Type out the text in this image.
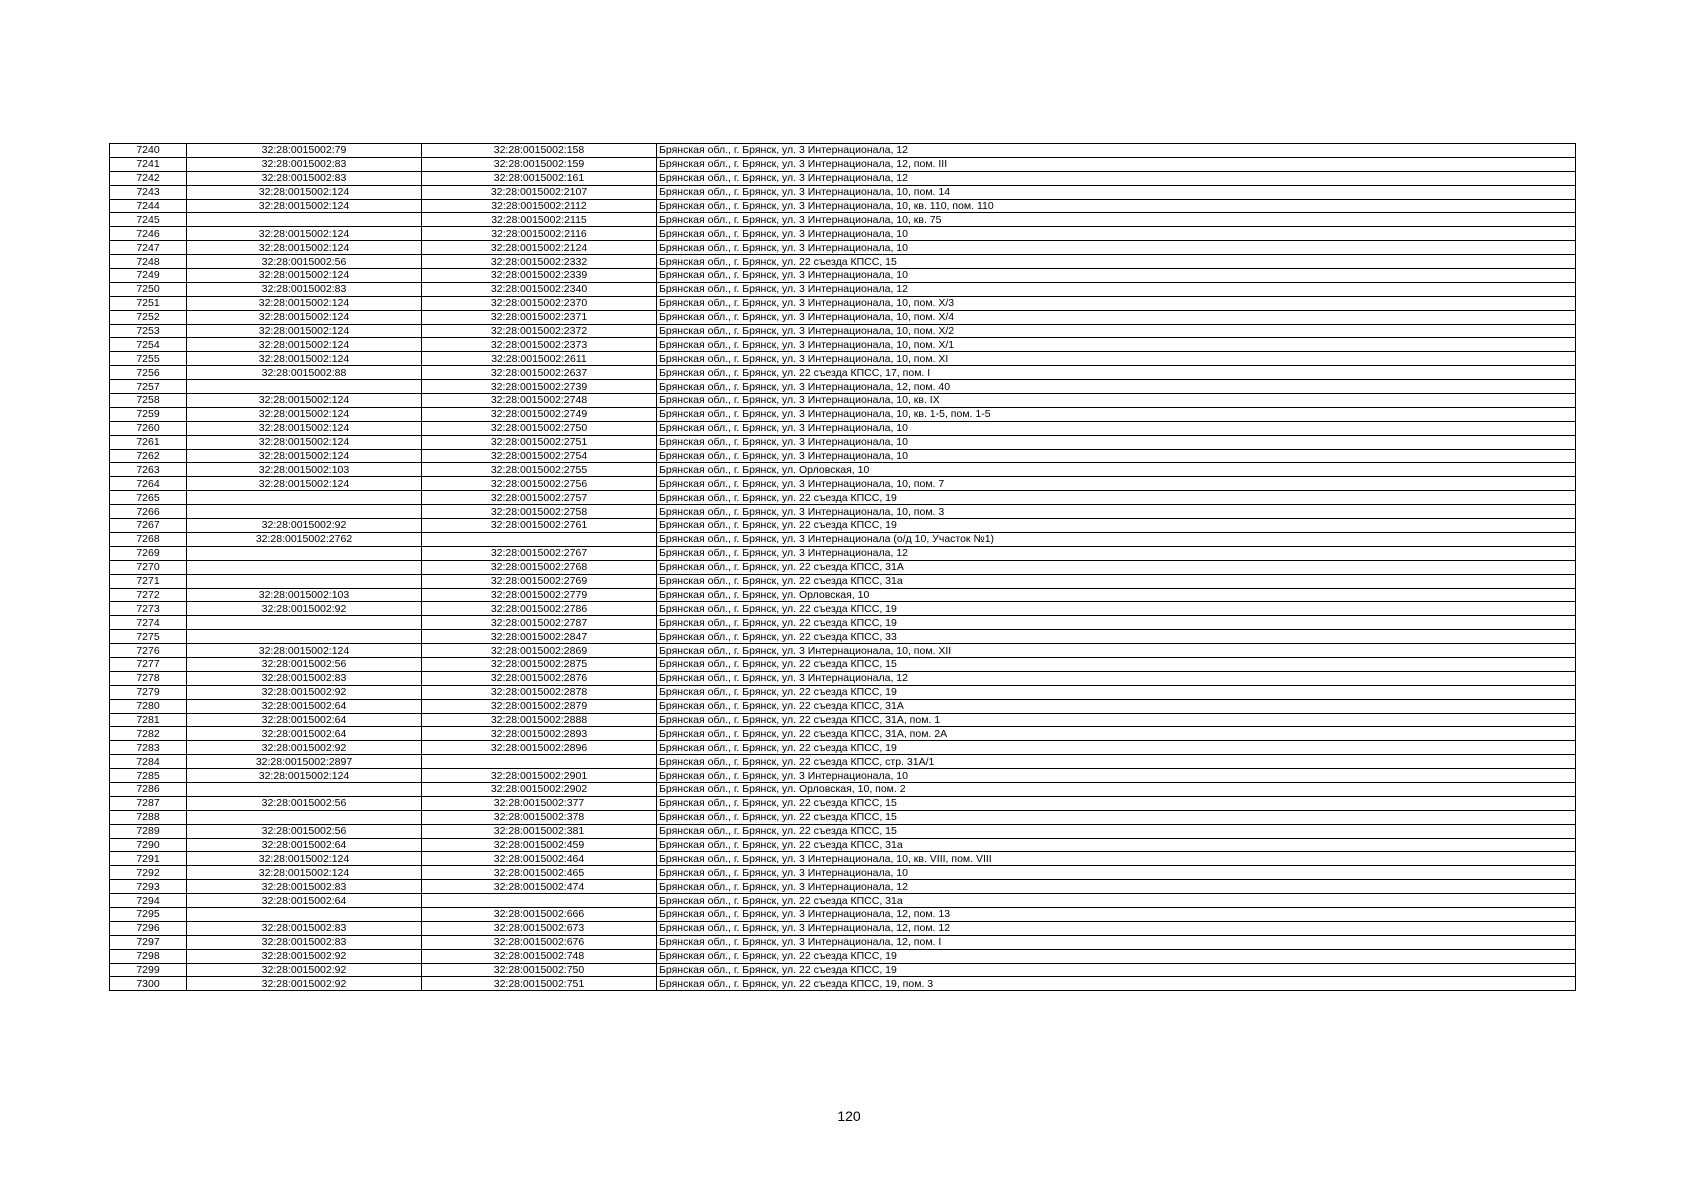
7240	32:28:0015002:79	32:28:0015002:158	Брянская обл., г. Брянск, ул. 3 Интернационала, 12
7241	32:28:0015002:83	32:28:0015002:159	Брянская обл., г. Брянск, ул. 3 Интернационала, 12, пом. III
7242	32:28:0015002:83	32:28:0015002:161	Брянская обл., г. Брянск, ул. 3 Интернационала, 12
7243	32:28:0015002:124	32:28:0015002:2107	Брянская обл., г. Брянск, ул. 3 Интернационала, 10, пом. 14
7244	32:28:0015002:124	32:28:0015002:2112	Брянская обл., г. Брянск, ул. 3 Интернационала, 10, кв. 110, пом. 110
7245		32:28:0015002:2115	Брянская обл., г. Брянск, ул. 3 Интернационала, 10, кв. 75
7246	32:28:0015002:124	32:28:0015002:2116	Брянская обл., г. Брянск, ул. 3 Интернационала, 10
7247	32:28:0015002:124	32:28:0015002:2124	Брянская обл., г. Брянск, ул. 3 Интернационала, 10
7248	32:28:0015002:56	32:28:0015002:2332	Брянская обл., г. Брянск, ул. 22 съезда КПСС, 15
7249	32:28:0015002:124	32:28:0015002:2339	Брянская обл., г. Брянск, ул. 3 Интернационала, 10
7250	32:28:0015002:83	32:28:0015002:2340	Брянская обл., г. Брянск, ул. 3 Интернационала, 12
7251	32:28:0015002:124	32:28:0015002:2370	Брянская обл., г. Брянск, ул. 3 Интернационала, 10, пом. X/3
7252	32:28:0015002:124	32:28:0015002:2371	Брянская обл., г. Брянск, ул. 3 Интернационала, 10, пом. X/4
7253	32:28:0015002:124	32:28:0015002:2372	Брянская обл., г. Брянск, ул. 3 Интернационала, 10, пом. X/2
7254	32:28:0015002:124	32:28:0015002:2373	Брянская обл., г. Брянск, ул. 3 Интернационала, 10, пом. X/1
7255	32:28:0015002:124	32:28:0015002:2611	Брянская обл., г. Брянск, ул. 3 Интернационала, 10, пом. XI
7256	32:28:0015002:88	32:28:0015002:2637	Брянская обл., г. Брянск, ул. 22 съезда КПСС, 17, пом. I
7257		32:28:0015002:2739	Брянская обл., г. Брянск, ул. 3 Интернационала, 12, пом. 40
7258	32:28:0015002:124	32:28:0015002:2748	Брянская обл., г. Брянск, ул. 3 Интернационала, 10, кв. IX
7259	32:28:0015002:124	32:28:0015002:2749	Брянская обл., г. Брянск, ул. 3 Интернационала, 10, кв. 1-5, пом. 1-5
7260	32:28:0015002:124	32:28:0015002:2750	Брянская обл., г. Брянск, ул. 3 Интернационала, 10
7261	32:28:0015002:124	32:28:0015002:2751	Брянская обл., г. Брянск, ул. 3 Интернационала, 10
7262	32:28:0015002:124	32:28:0015002:2754	Брянская обл., г. Брянск, ул. 3 Интернационала, 10
7263	32:28:0015002:103	32:28:0015002:2755	Брянская обл., г. Брянск, ул. Орловская, 10
7264	32:28:0015002:124	32:28:0015002:2756	Брянская обл., г. Брянск, ул. 3 Интернационала, 10, пом. 7
7265		32:28:0015002:2757	Брянская обл., г. Брянск, ул. 22 съезда КПСС, 19
7266		32:28:0015002:2758	Брянская обл., г. Брянск, ул. 3 Интернационала, 10, пом. 3
7267	32:28:0015002:92	32:28:0015002:2761	Брянская обл., г. Брянск, ул. 22 съезда КПСС, 19
7268	32:28:0015002:2762		Брянская обл., г. Брянск, ул. 3 Интернационала (о/д 10, Участок №1)
7269		32:28:0015002:2767	Брянская обл., г. Брянск, ул. 3 Интернационала, 12
7270		32:28:0015002:2768	Брянская обл., г. Брянск, ул. 22 съезда КПСС, 31А
7271		32:28:0015002:2769	Брянская обл., г. Брянск, ул. 22 съезда КПСС, 31а
7272	32:28:0015002:103	32:28:0015002:2779	Брянская обл., г. Брянск, ул. Орловская, 10
7273	32:28:0015002:92	32:28:0015002:2786	Брянская обл., г. Брянск, ул. 22 съезда КПСС, 19
7274		32:28:0015002:2787	Брянская обл., г. Брянск, ул. 22 съезда КПСС, 19
7275		32:28:0015002:2847	Брянская обл., г. Брянск, ул. 22 съезда КПСС, 33
7276	32:28:0015002:124	32:28:0015002:2869	Брянская обл., г. Брянск, ул. 3 Интернационала, 10, пом. XII
7277	32:28:0015002:56	32:28:0015002:2875	Брянская обл., г. Брянск, ул. 22 съезда КПСС, 15
7278	32:28:0015002:83	32:28:0015002:2876	Брянская обл., г. Брянск, ул. 3 Интернационала, 12
7279	32:28:0015002:92	32:28:0015002:2878	Брянская обл., г. Брянск, ул. 22 съезда КПСС, 19
7280	32:28:0015002:64	32:28:0015002:2879	Брянская обл., г. Брянск, ул. 22 съезда КПСС, 31А
7281	32:28:0015002:64	32:28:0015002:2888	Брянская обл., г. Брянск, ул. 22 съезда КПСС, 31А, пом. 1
7282	32:28:0015002:64	32:28:0015002:2893	Брянская обл., г. Брянск, ул. 22 съезда КПСС, 31А, пом. 2А
7283	32:28:0015002:92	32:28:0015002:2896	Брянская обл., г. Брянск, ул. 22 съезда КПСС, 19
7284	32:28:0015002:2897		Брянская обл., г. Брянск, ул. 22 съезда КПСС, стр. 31А/1
7285	32:28:0015002:124	32:28:0015002:2901	Брянская обл., г. Брянск, ул. 3 Интернационала, 10
7286		32:28:0015002:2902	Брянская обл., г. Брянск, ул. Орловская, 10, пом. 2
7287	32:28:0015002:56	32:28:0015002:377	Брянская обл., г. Брянск, ул. 22 съезда КПСС, 15
7288		32:28:0015002:378	Брянская обл., г. Брянск, ул. 22 съезда КПСС, 15
7289	32:28:0015002:56	32:28:0015002:381	Брянская обл., г. Брянск, ул. 22 съезда КПСС, 15
7290	32:28:0015002:64	32:28:0015002:459	Брянская обл., г. Брянск, ул. 22 съезда КПСС, 31а
7291	32:28:0015002:124	32:28:0015002:464	Брянская обл., г. Брянск, ул. 3 Интернационала, 10, кв. VIII, пом. VIII
7292	32:28:0015002:124	32:28:0015002:465	Брянская обл., г. Брянск, ул. 3 Интернационала, 10
7293	32:28:0015002:83	32:28:0015002:474	Брянская обл., г. Брянск, ул. 3 Интернационала, 12
7294	32:28:0015002:64		Брянская обл., г. Брянск, ул. 22 съезда КПСС, 31а
7295		32:28:0015002:666	Брянская обл., г. Брянск, ул. 3 Интернационала, 12, пом. 13
7296	32:28:0015002:83	32:28:0015002:673	Брянская обл., г. Брянск, ул. 3 Интернационала, 12, пом. 12
7297	32:28:0015002:83	32:28:0015002:676	Брянская обл., г. Брянск, ул. 3 Интернационала, 12, пом. I
7298	32:28:0015002:92	32:28:0015002:748	Брянская обл., г. Брянск, ул. 22 съезда КПСС, 19
7299	32:28:0015002:92	32:28:0015002:750	Брянская обл., г. Брянск, ул. 22 съезда КПСС, 19
7300	32:28:0015002:92	32:28:0015002:751	Брянская обл., г. Брянск, ул. 22 съезда КПСС, 19, пом. 3
120
